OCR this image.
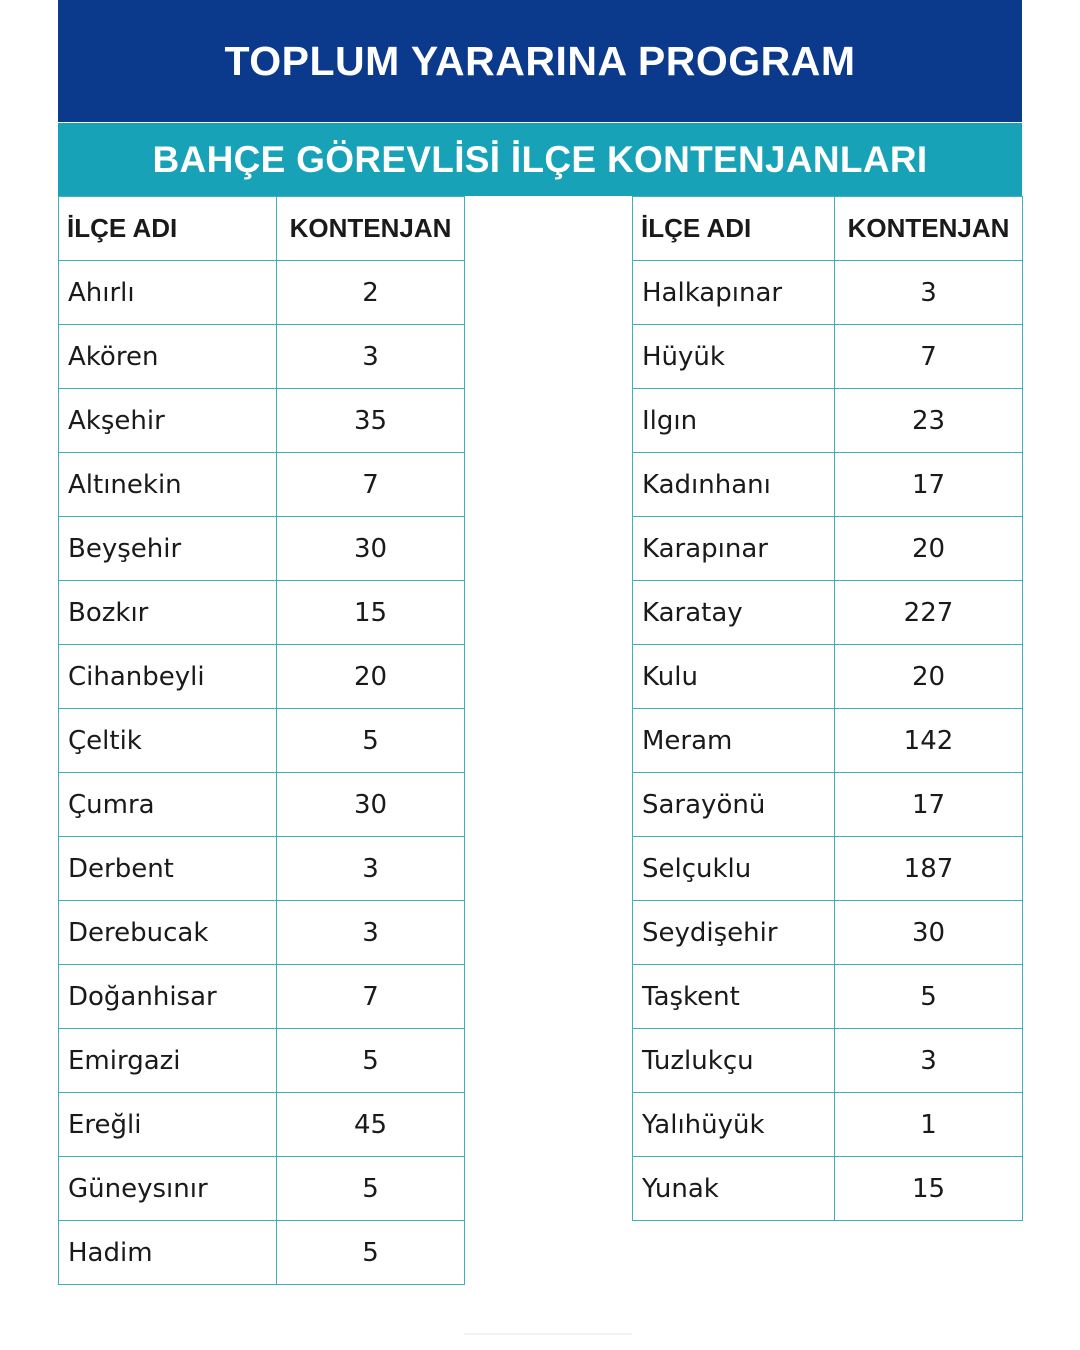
TOPLUM YARARINA PROGRAM
BAHÇE GÖREVLİSİ İLÇE KONTENJANLARI
İLÇE ADI	KONTENJAN
Ahırlı	2
Akören	3
Akşehir	35
Altınekin	7
Beyşehir	30
Bozkır	15
Cihanbeyli	20
Çeltik	5
Çumra	30
Derbent	3
Derebucak	3
Doğanhisar	7
Emirgazi	5
Ereğli	45
Güneysınır	5
Hadim	5
İLÇE ADI	KONTENJAN
Halkapınar	3
Hüyük	7
Ilgın	23
Kadınhanı	17
Karapınar	20
Karatay	227
Kulu	20
Meram	142
Sarayönü	17
Selçuklu	187
Seydişehir	30
Taşkent	5
Tuzlukçu	3
Yalıhüyük	1
Yunak	15
